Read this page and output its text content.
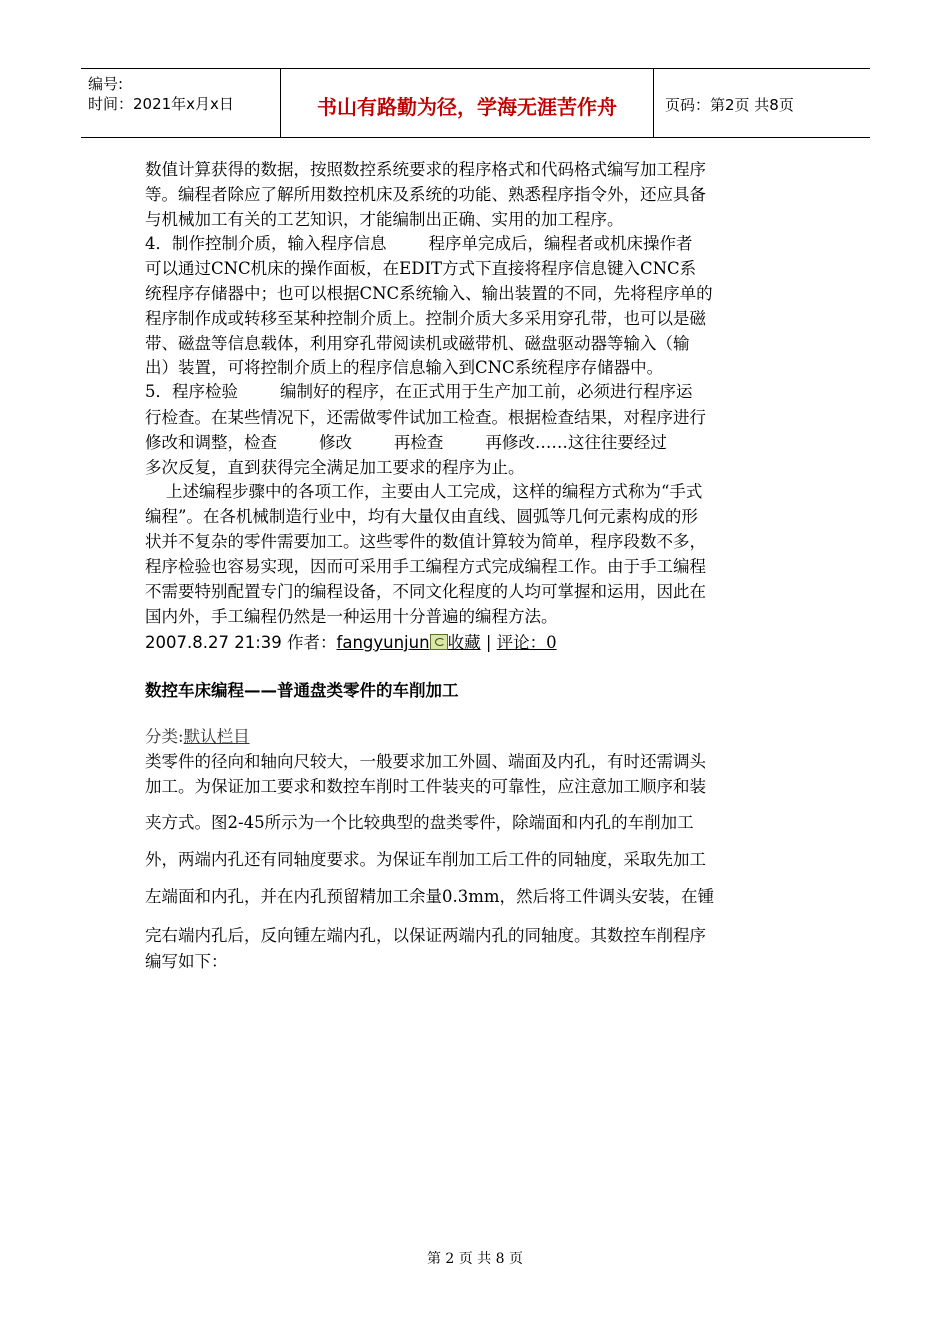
编号:
时间：2021年x月x日	书山有路勤为径，学海无涯苦作舟	页码：第2页 共8页
数值计算获得的数据，按照数控系统要求的程序格式和代码格式编写加工程序
等。编程者除应了解所用数控机床及系统的功能、熟悉程序指令外，还应具备
与机械加工有关的工艺知识，才能编制出正确、实用的加工程序。
4．制作控制介质，输入程序信息        程序单完成后，编程者或机床操作者
可以通过CNC机床的操作面板，在EDIT方式下直接将程序信息键入CNC系
统程序存储器中；也可以根据CNC系统输入、输出装置的不同，先将程序单的
程序制作成或转移至某种控制介质上。控制介质大多采用穿孔带，也可以是磁
带、磁盘等信息载体，利用穿孔带阅读机或磁带机、磁盘驱动器等输入（输
出）装置，可将控制介质上的程序信息输入到CNC系统程序存储器中。
5．程序检验        编制好的程序，在正式用于生产加工前，必须进行程序运
行检查。在某些情况下，还需做零件试加工检查。根据检查结果，对程序进行
修改和调整，检查        修改        再检查        再修改……这往往要经过
多次反复，直到获得完全满足加工要求的程序为止。
上述编程步骤中的各项工作，主要由人工完成，这样的编程方式称为“手式
编程”。在各机械制造行业中，均有大量仅由直线、圆弧等几何元素构成的形
状并不复杂的零件需要加工。这些零件的数值计算较为简单，程序段数不多，
程序检验也容易实现，因而可采用手工编程方式完成编程工作。由于手工编程
不需要特别配置专门的编程设备，不同文化程度的人均可掌握和运用，因此在
国内外，手工编程仍然是一种运用十分普遍的编程方法。
2007.8.27 21:39 作者：fangyunjun 收藏 | 评论：0
数控车床编程——普通盘类零件的车削加工
分类:默认栏目
类零件的径向和轴向尺较大，一般要求加工外圆、端面及内孔，有时还需调头
加工。为保证加工要求和数控车削时工件装夹的可靠性，应注意加工顺序和装
夹方式。图2-45所示为一个比较典型的盘类零件，除端面和内孔的车削加工
外，两端内孔还有同轴度要求。为保证车削加工后工件的同轴度，采取先加工
左端面和内孔，并在内孔预留精加工余量0.3mm，然后将工件调头安装，在锺
完右端内孔后，反向锺左端内孔，以保证两端内孔的同轴度。其数控车削程序
编写如下：
第 2 页 共 8 页
